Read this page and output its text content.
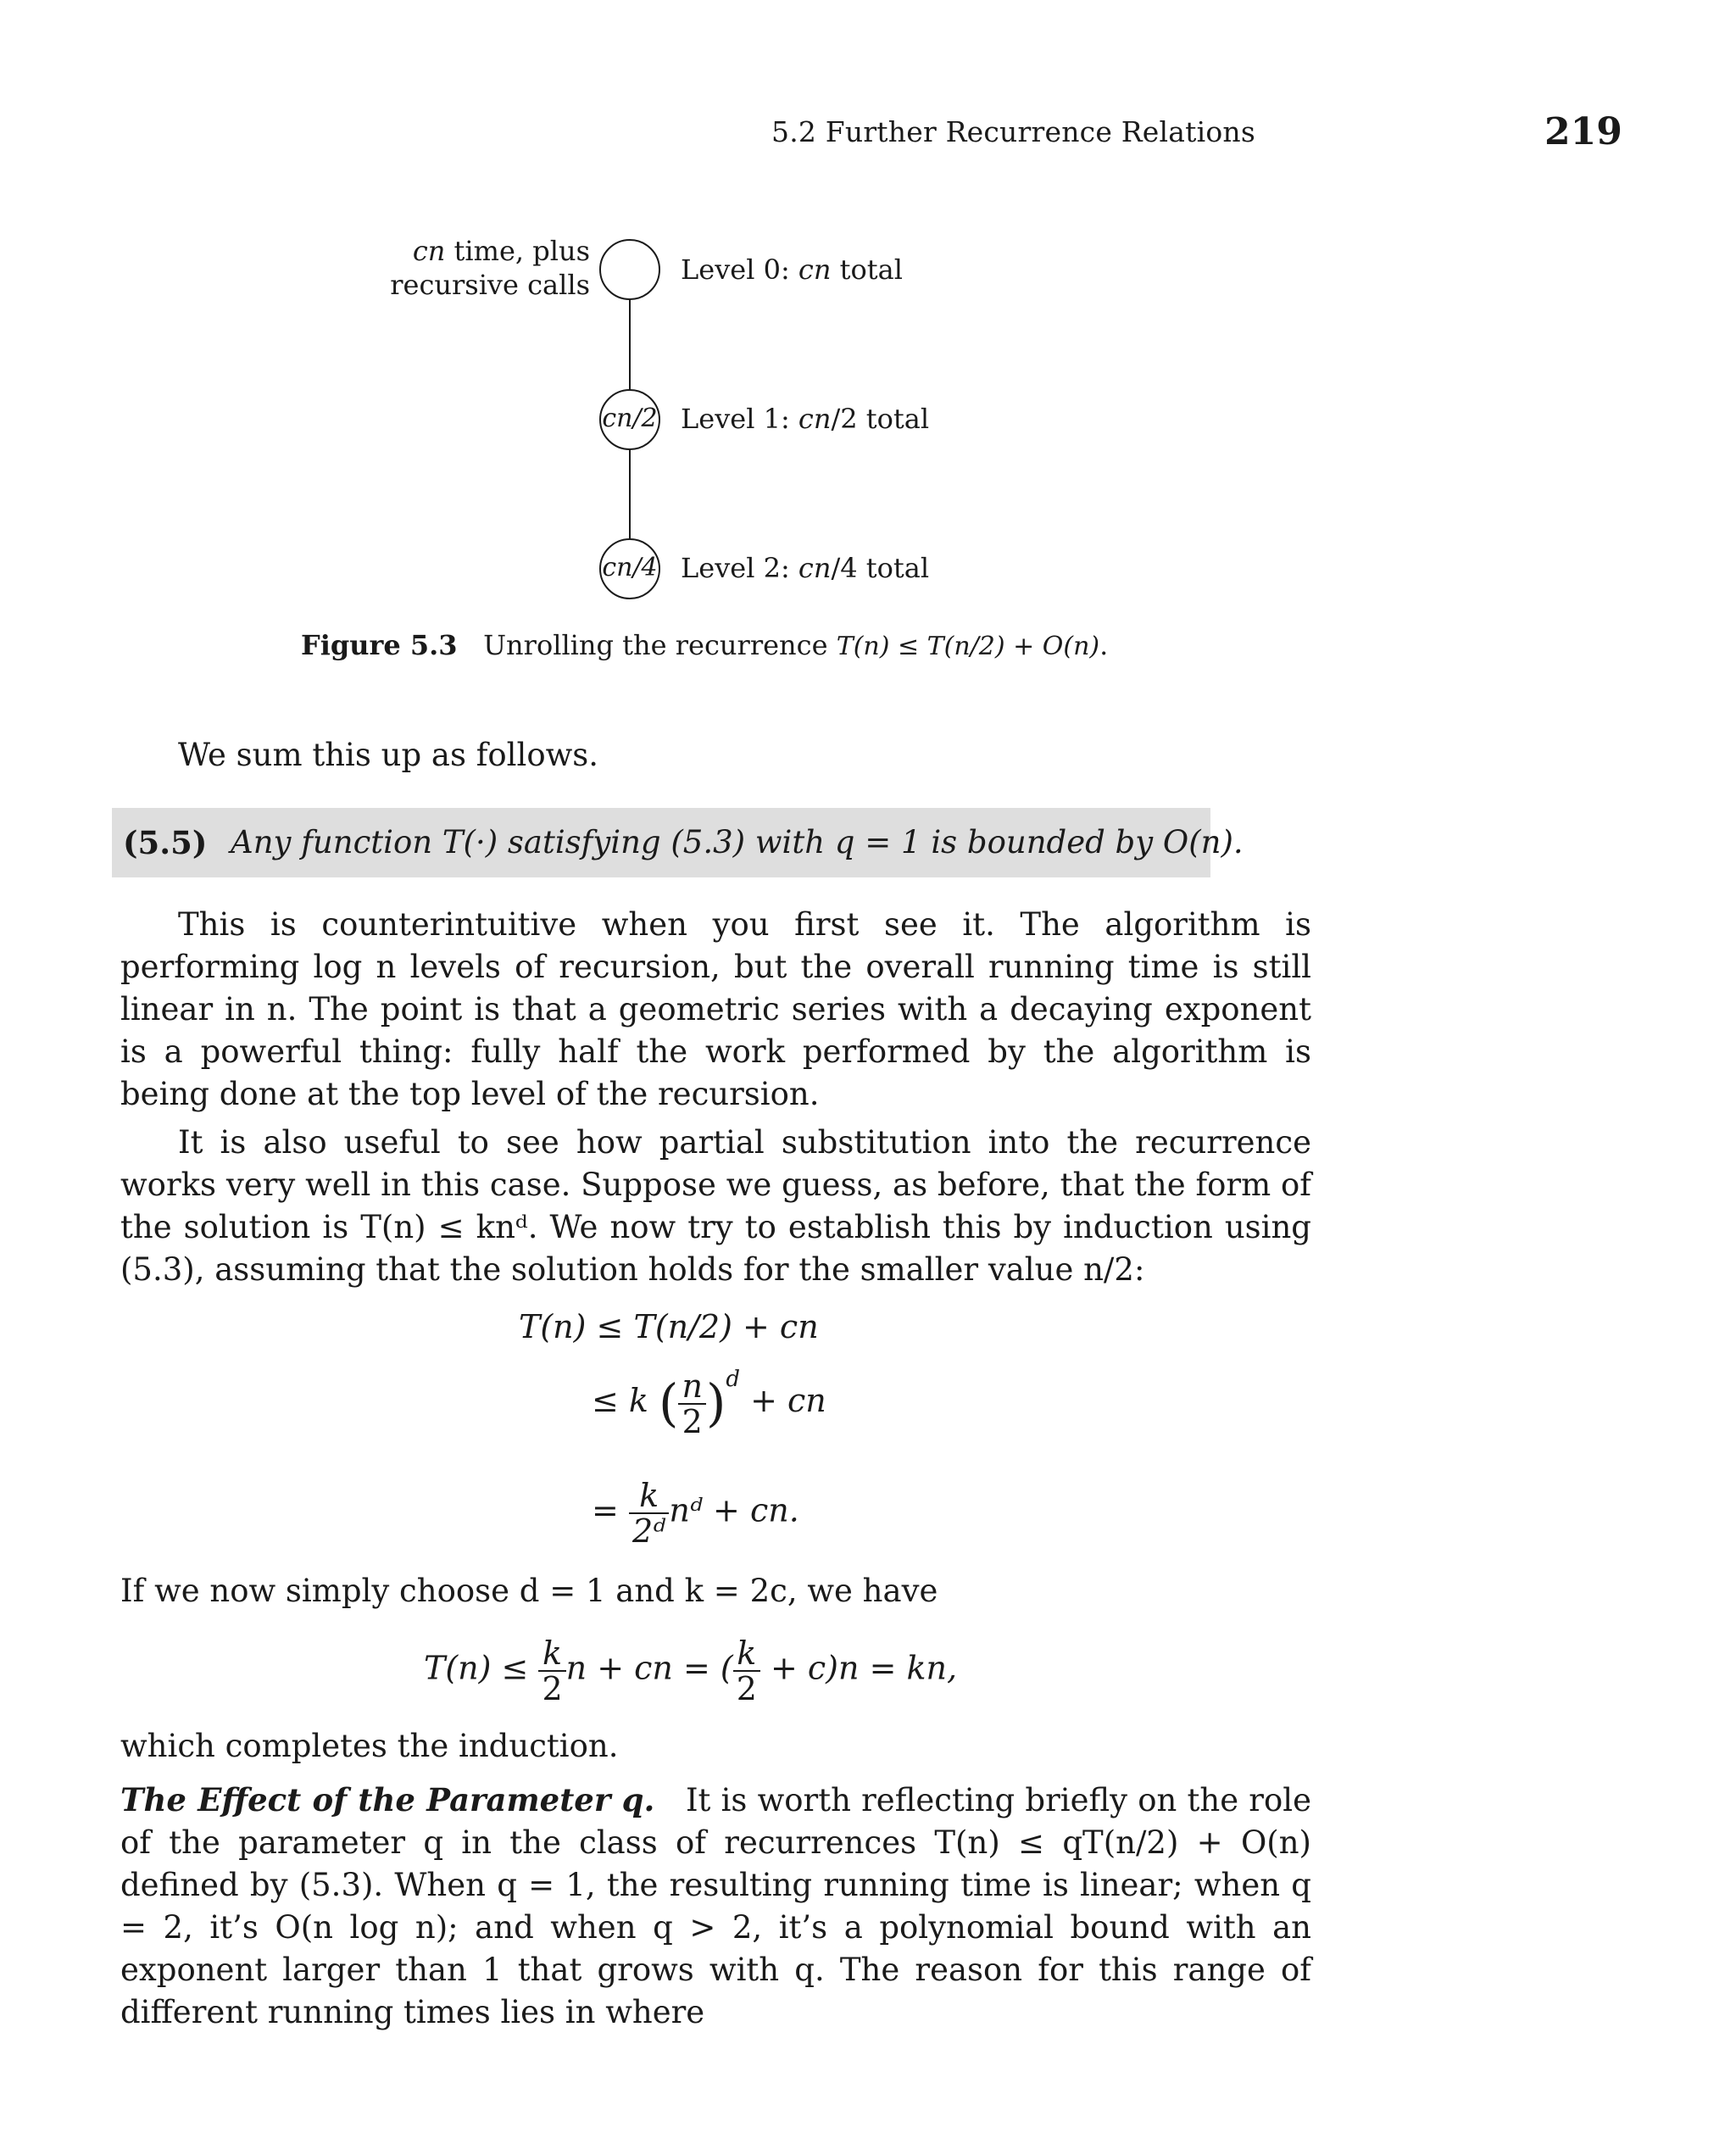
5.2 Further Recurrence Relations	219
cn time, plus
recursive calls
cn/2
cn/4
Level 0: cn total
Level 1: cn/2 total
Level 2: cn/4 total
Figure 5.3 Unrolling the recurrence T(n) ≤ T(n/2) + O(n).
We sum this up as follows.
(5.5) Any function T(·) satisfying (5.3) with q = 1 is bounded by O(n).
This is counterintuitive when you first see it. The algorithm is performing log n levels of recursion, but the overall running time is still linear in n. The point is that a geometric series with a decaying exponent is a powerful thing: fully half the work performed by the algorithm is being done at the top level of the recursion.
It is also useful to see how partial substitution into the recurrence works very well in this case. Suppose we guess, as before, that the form of the solution is T(n) ≤ knᵈ. We now try to establish this by induction using (5.3), assuming that the solution holds for the smaller value n/2:
T(n) ≤ T(n/2) + cn
≤ k ( $\frac{n}{2} )^d$ + cn
= $\frac{k}{\text{2ᵈ}}$ nᵈ + cn.
If we now simply choose d = 1 and k = 2c, we have
$T(n) \le \frac{k}{2}$ n + cn = ( $\frac{k}{2} + c)n$ = kn,
which completes the induction.
The Effect of the Parameter q. It is worth reflecting briefly on the role of the parameter q in the class of recurrences T(n) ≤ qT(n/2) + O(n) defined by (5.3). When q = 1, the resulting running time is linear; when q = 2, it’s O(n log n); and when q > 2, it’s a polynomial bound with an exponent larger than 1 that grows with q. The reason for this range of different running times lies in where
